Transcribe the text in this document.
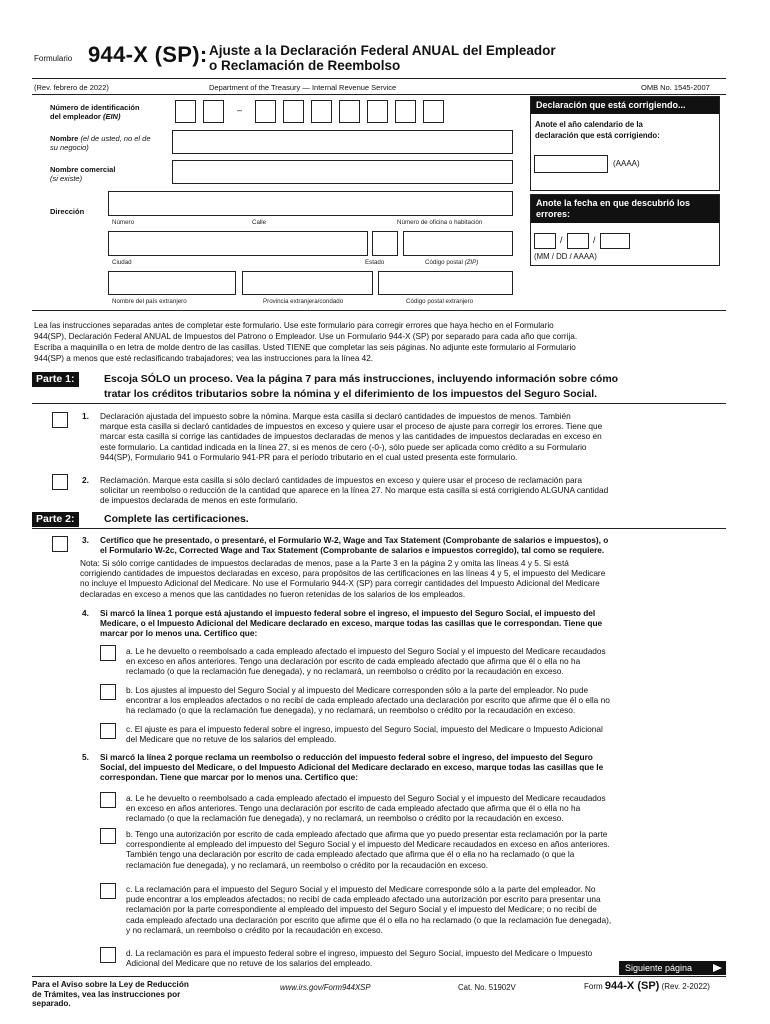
Formulario 944-X (SP): Ajuste a la Declaración Federal ANUAL del Empleador
o Reclamación de Reembolso
(Rev. febrero de 2022)	Department of the Treasury — Internal Revenue Service	OMB No. 1545-2007
Número de identificación
del empleador (EIN)
–
Nombre (el de usted, no el de
su negocio)
Nombre comercial
(si existe)
Dirección
Número	Calle	Número de oficina o habitación
Ciudad	Estado	Código postal (ZIP)
Nombre del país extranjero	Provincia extranjera/condado	Código postal extranjero
Declaración que está corrigiendo...
Anote el año calendario de la
declaración que está corrigiendo:
(AAAA)
Anote la fecha en que descubrió los
errores:
/	/
(MM / DD / AAAA)
Lea las instrucciones separadas antes de completar este formulario. Use este formulario para corregir errores que haya hecho en el Formulario
944(SP), Declaración Federal ANUAL de Impuestos del Patrono o Empleador. Use un Formulario 944-X (SP) por separado para cada año que corrija.
Escriba a maquinilla o en letra de molde dentro de las casillas. Usted TIENE que completar las seis páginas. No adjunte este formulario al Formulario
944(SP) a menos que esté reclasificando trabajadores; vea las instrucciones para la línea 42.
Parte 1:	Escoja SÓLO un proceso. Vea la página 7 para más instrucciones, incluyendo información sobre cómo
tratar los créditos tributarios sobre la nómina y el diferimiento de los impuestos del Seguro Social.
1. Declaración ajustada del impuesto sobre la nómina. Marque esta casilla si declaró cantidades de impuestos de menos. También
marque esta casilla si declaró cantidades de impuestos en exceso y quiere usar el proceso de ajuste para corregir los errores. Tiene que
marcar esta casilla si corrige las cantidades de impuestos declaradas de menos y las cantidades de impuestos declaradas en exceso en
este formulario. La cantidad indicada en la línea 27, si es menos de cero (-0-), sólo puede ser aplicada como crédito a su Formulario
944(SP), Formulario 941 o Formulario 941-PR para el período tributario en el cual usted presenta este formulario.
2. Reclamación. Marque esta casilla si sólo declaró cantidades de impuestos en exceso y quiere usar el proceso de reclamación para
solicitar un reembolso o reducción de la cantidad que aparece en la línea 27. No marque esta casilla si está corrigiendo ALGUNA cantidad
de impuestos declarada de menos en este formulario.
Parte 2:	Complete las certificaciones.
3. Certifico que he presentado, o presentaré, el Formulario W-2, Wage and Tax Statement (Comprobante de salarios e impuestos), o
el Formulario W-2c, Corrected Wage and Tax Statement (Comprobante de salarios e impuestos corregido), tal como se requiere.
Nota: Si sólo corrige cantidades de impuestos declaradas de menos, pase a la Parte 3 en la página 2 y omita las líneas 4 y 5. Si está
corrigiendo cantidades de impuestos declaradas en exceso, para propósitos de las certificaciones en las líneas 4 y 5, el impuesto del Medicare
no incluye el Impuesto Adicional del Medicare. No use el Formulario 944-X (SP) para corregir cantidades del Impuesto Adicional del Medicare
declaradas en exceso a menos que las cantidades no fueron retenidas de los salarios de los empleados.
4. Si marcó la línea 1 porque está ajustando el impuesto federal sobre el ingreso, el impuesto del Seguro Social, el impuesto del
Medicare, o el Impuesto Adicional del Medicare declarado en exceso, marque todas las casillas que le correspondan. Tiene que
marcar por lo menos una. Certifico que:
a. Le he devuelto o reembolsado a cada empleado afectado el impuesto del Seguro Social y el impuesto del Medicare recaudados
en exceso en años anteriores. Tengo una declaración por escrito de cada empleado afectado que afirma que él o ella no ha
reclamado (o que la reclamación fue denegada), y no reclamará, un reembolso o crédito por la recaudación en exceso.
b. Los ajustes al impuesto del Seguro Social y al impuesto del Medicare corresponden sólo a la parte del empleador. No pude
encontrar a los empleados afectados o no recibí de cada empleado afectado una declaración por escrito que afirme que él o ella no
ha reclamado (o que la reclamación fue denegada), y no reclamará, un reembolso o crédito por la recaudación en exceso.
c. El ajuste es para el impuesto federal sobre el ingreso, impuesto del Seguro Social, impuesto del Medicare o Impuesto Adicional
del Medicare que no retuve de los salarios del empleado.
5. Si marcó la línea 2 porque reclama un reembolso o reducción del impuesto federal sobre el ingreso, del impuesto del Seguro
Social, del impuesto del Medicare, o del Impuesto Adicional del Medicare declarado en exceso, marque todas las casillas que le
correspondan. Tiene que marcar por lo menos una. Certifico que:
a. Le he devuelto o reembolsado a cada empleado afectado el impuesto del Seguro Social y el impuesto del Medicare recaudados
en exceso en años anteriores. Tengo una declaración por escrito de cada empleado afectado que afirma que él o ella no ha
reclamado (o que la reclamación fue denegada), y no reclamará, un reembolso o crédito por la recaudación en exceso.
b. Tengo una autorización por escrito de cada empleado afectado que afirma que yo puedo presentar esta reclamación por la parte
correspondiente al empleado del impuesto del Seguro Social y el impuesto del Medicare recaudados en exceso en años anteriores.
También tengo una declaración por escrito de cada empleado afectado que afirma que él o ella no ha reclamado (o que la
reclamación fue denegada), y no reclamará, un reembolso o crédito por la recaudación en exceso.
c. La reclamación para el impuesto del Seguro Social y el impuesto del Medicare corresponde sólo a la parte del empleador. No
pude encontrar a los empleados afectados; no recibí de cada empleado afectado una autorización por escrito para presentar una
reclamación por la parte correspondiente al empleado del impuesto del Seguro Social y el impuesto del Medicare; o no recibí de
cada empleado afectado una declaración por escrito que afirme que él o ella no ha reclamado (o que la reclamación fue denegada),
y no reclamará, un reembolso o crédito por la recaudación en exceso.
d. La reclamación es para el impuesto federal sobre el ingreso, impuesto del Seguro Social, impuesto del Medicare o Impuesto
Adicional del Medicare que no retuve de los salarios del empleado.	Siguiente página
Para el Aviso sobre la Ley de Reducción
de Trámites, vea las instrucciones por
separado.
www.irs.gov/Form944XSP	Cat. No. 51902V	Form 944-X (SP) (Rev. 2-2022)
